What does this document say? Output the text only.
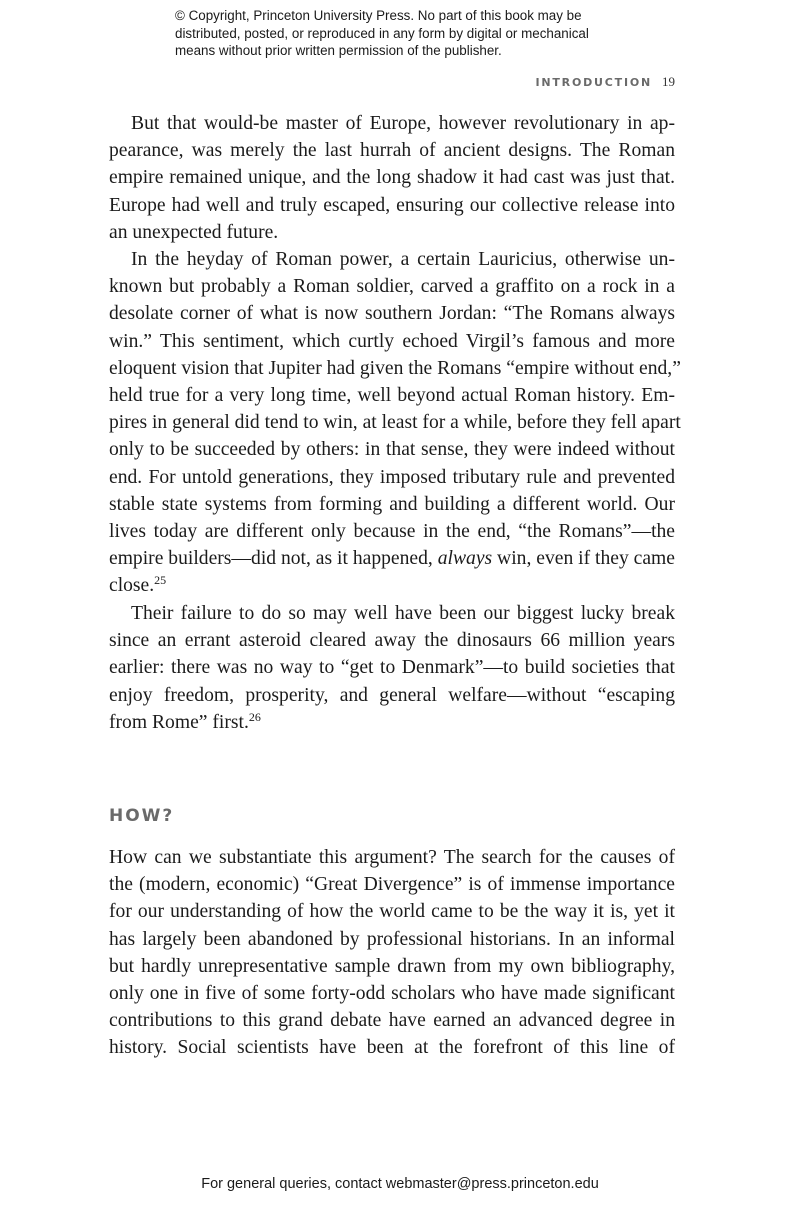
© Copyright, Princeton University Press. No part of this book may be
distributed, posted, or reproduced in any form by digital or mechanical
means without prior written permission of the publisher.
INTRODUCTION 19
But that would-be master of Europe, however revolutionary in ap-
pearance, was merely the last hurrah of ancient designs. The Roman
empire remained unique, and the long shadow it had cast was just that.
Europe had well and truly escaped, ensuring our collective release into
an unexpected future.
In the heyday of Roman power, a certain Lauricius, otherwise un-
known but probably a Roman soldier, carved a graffito on a rock in a
desolate corner of what is now southern Jordan: “The Romans always
win.” This sentiment, which curtly echoed Virgil’s famous and more
eloquent vision that Jupiter had given the Romans “empire without end,”
held true for a very long time, well beyond actual Roman history. Em-
pires in general did tend to win, at least for a while, before they fell apart
only to be succeeded by others: in that sense, they were indeed without
end. For untold generations, they imposed tributary rule and prevented
stable state systems from forming and building a different world. Our
lives today are different only because in the end, “the Romans”—the
empire builders—did not, as it happened, always win, even if they came
close.$^{25}$
Their failure to do so may well have been our biggest lucky break
since an errant asteroid cleared away the dinosaurs 66 million years
earlier: there was no way to “get to Denmark”—to build societies that
enjoy freedom, prosperity, and general welfare—without “escaping
from Rome” first.$^{26}$
HOW?
How can we substantiate this argument? The search for the causes of
the (modern, economic) “Great Divergence” is of immense importance
for our understanding of how the world came to be the way it is, yet it
has largely been abandoned by professional historians. In an informal
but hardly unrepresentative sample drawn from my own bibliography,
only one in five of some forty-odd scholars who have made significant
contributions to this grand debate have earned an advanced degree in
history. Social scientists have been at the forefront of this line of
For general queries, contact webmaster@press.princeton.edu
